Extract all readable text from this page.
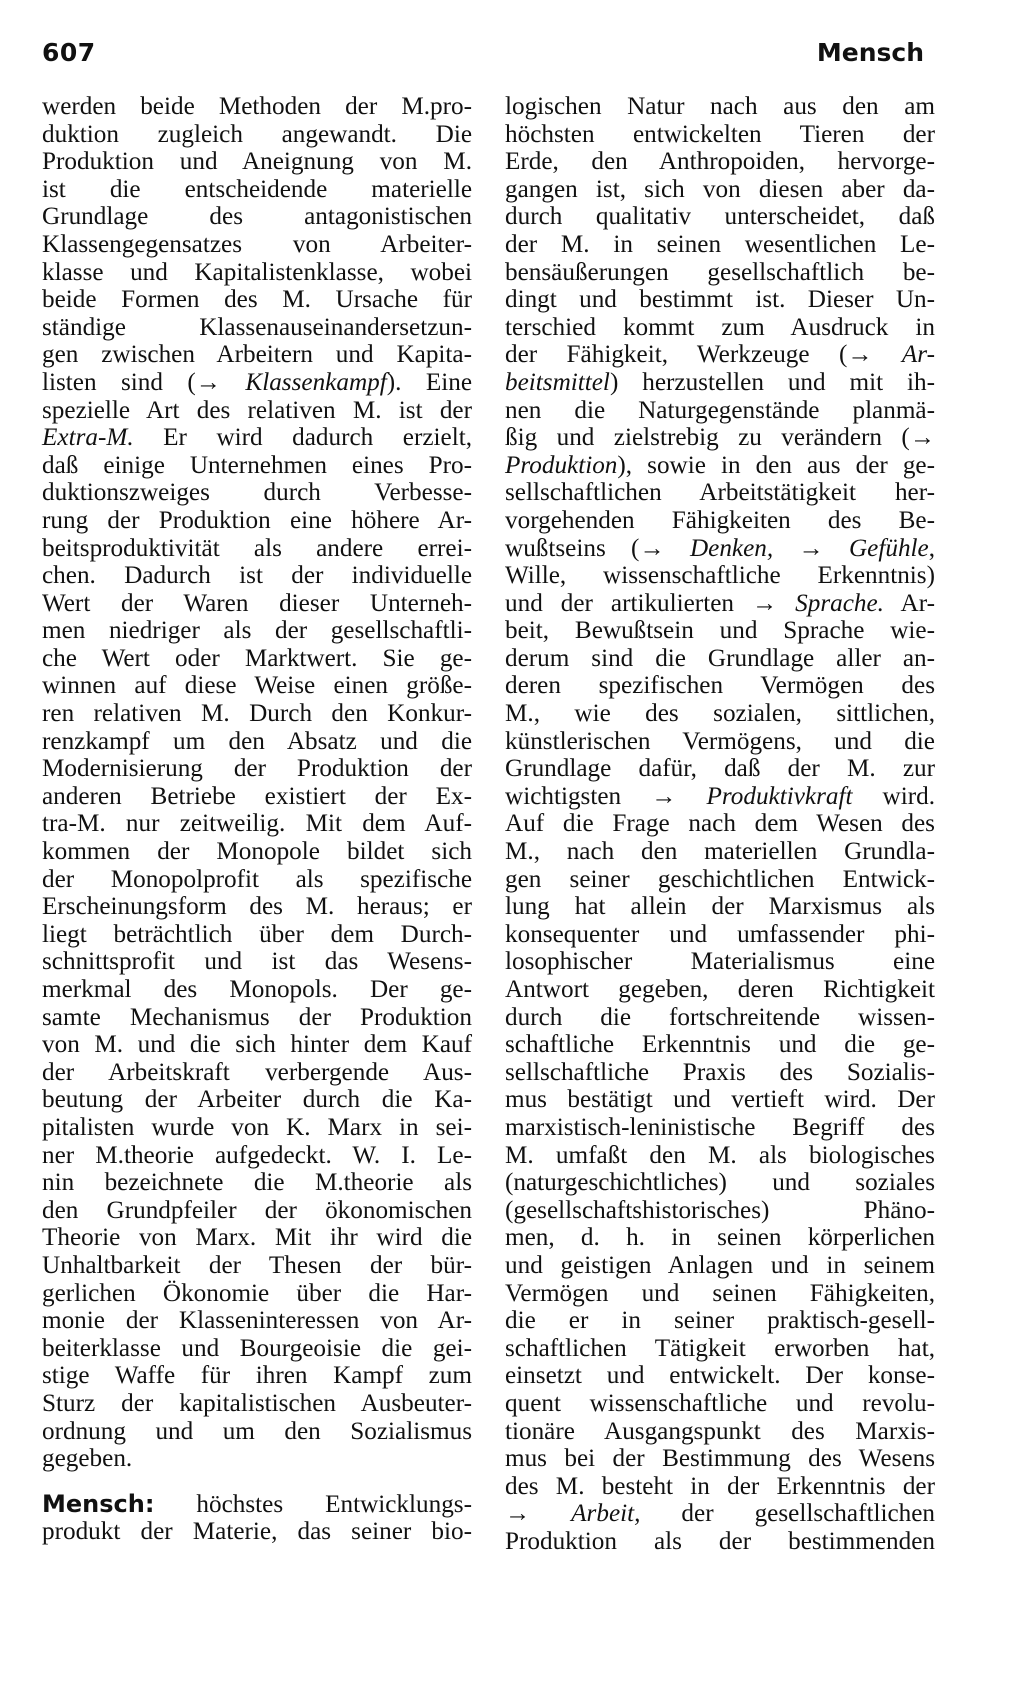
607	Mensch
werden beide Methoden der M.pro-
duktion zugleich angewandt. Die
Produktion und Aneignung von M.
ist die entscheidende materielle
Grundlage des antagonistischen
Klassengegensatzes von Arbeiter-
klasse und Kapitalistenklasse, wobei
beide Formen des M. Ursache für
ständige Klassenauseinandersetzun-
gen zwischen Arbeitern und Kapita-
listen sind (→ Klassenkampf). Eine
spezielle Art des relativen M. ist der
Extra-M. Er wird dadurch erzielt,
daß einige Unternehmen eines Pro-
duktionszweiges durch Verbesse-
rung der Produktion eine höhere Ar-
beitsproduktivität als andere errei-
chen. Dadurch ist der individuelle
Wert der Waren dieser Unterneh-
men niedriger als der gesellschaftli-
che Wert oder Marktwert. Sie ge-
winnen auf diese Weise einen größe-
ren relativen M. Durch den Konkur-
renzkampf um den Absatz und die
Modernisierung der Produktion der
anderen Betriebe existiert der Ex-
tra-M. nur zeitweilig. Mit dem Auf-
kommen der Monopole bildet sich
der Monopolprofit als spezifische
Erscheinungsform des M. heraus; er
liegt beträchtlich über dem Durch-
schnittsprofit und ist das Wesens-
merkmal des Monopols. Der ge-
samte Mechanismus der Produktion
von M. und die sich hinter dem Kauf
der Arbeitskraft verbergende Aus-
beutung der Arbeiter durch die Ka-
pitalisten wurde von K. Marx in sei-
ner M.theorie aufgedeckt. W. I. Le-
nin bezeichnete die M.theorie als
den Grundpfeiler der ökonomischen
Theorie von Marx. Mit ihr wird die
Unhaltbarkeit der Thesen der bür-
gerlichen Ökonomie über die Har-
monie der Klasseninteressen von Ar-
beiterklasse und Bourgeoisie die gei-
stige Waffe für ihren Kampf zum
Sturz der kapitalistischen Ausbeuter-
ordnung und um den Sozialismus
gegeben.
Mensch: höchstes Entwicklungs-
produkt der Materie, das seiner bio-
logischen Natur nach aus den am
höchsten entwickelten Tieren der
Erde, den Anthropoiden, hervorge-
gangen ist, sich von diesen aber da-
durch qualitativ unterscheidet, daß
der M. in seinen wesentlichen Le-
bensäußerungen gesellschaftlich be-
dingt und bestimmt ist. Dieser Un-
terschied kommt zum Ausdruck in
der Fähigkeit, Werkzeuge (→ Ar-
beitsmittel) herzustellen und mit ih-
nen die Naturgegenstände planmä-
ßig und zielstrebig zu verändern (→
Produktion), sowie in den aus der ge-
sellschaftlichen Arbeitstätigkeit her-
vorgehenden Fähigkeiten des Be-
wußtseins (→ Denken, → Gefühle,
Wille, wissenschaftliche Erkenntnis)
und der artikulierten → Sprache. Ar-
beit, Bewußtsein und Sprache wie-
derum sind die Grundlage aller an-
deren spezifischen Vermögen des
M., wie des sozialen, sittlichen,
künstlerischen Vermögens, und die
Grundlage dafür, daß der M. zur
wichtigsten → Produktivkraft wird.
Auf die Frage nach dem Wesen des
M., nach den materiellen Grundla-
gen seiner geschichtlichen Entwick-
lung hat allein der Marxismus als
konsequenter und umfassender phi-
losophischer Materialismus eine
Antwort gegeben, deren Richtigkeit
durch die fortschreitende wissen-
schaftliche Erkenntnis und die ge-
sellschaftliche Praxis des Sozialis-
mus bestätigt und vertieft wird. Der
marxistisch-leninistische Begriff des
M. umfaßt den M. als biologisches
(naturgeschichtliches) und soziales
(gesellschaftshistorisches) Phäno-
men, d. h. in seinen körperlichen
und geistigen Anlagen und in seinem
Vermögen und seinen Fähigkeiten,
die er in seiner praktisch-gesell-
schaftlichen Tätigkeit erworben hat,
einsetzt und entwickelt. Der konse-
quent wissenschaftliche und revolu-
tionäre Ausgangspunkt des Marxis-
mus bei der Bestimmung des Wesens
des M. besteht in der Erkenntnis der
→ Arbeit, der gesellschaftlichen
Produktion als der bestimmenden
